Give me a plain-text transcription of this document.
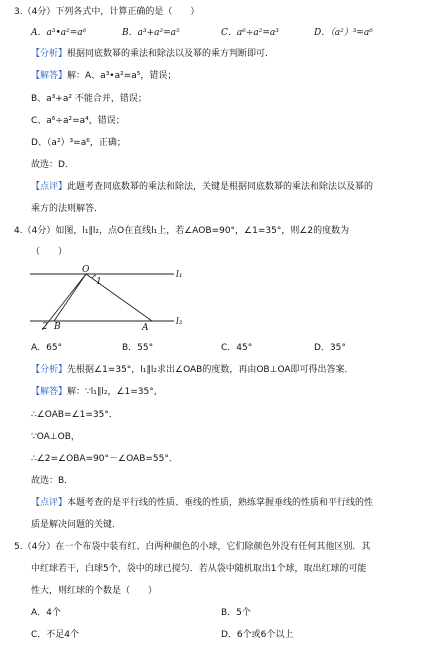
3.（4分）下列各式中，计算正确的是（　　）
A．a³•a²=a⁶	B．a³+a²=a⁵	C．a⁶÷a²=a³	D．（a²）³=a⁶
【分析】根据同底数幂的乘法和除法以及幂的乘方判断即可．
【解答】解：A、a³•a²=a⁵，错误；
B、a³+a² 不能合并，错误；
C、a⁶÷a²=a⁴，错误；
D、（a²）³=a⁶，正确；
故选：D．
【点评】此题考查同底数幂的乘法和除法，关键是根据同底数幂的乘法和除法以及幂的
乘方的法则解答．
4.（4分）如图，l₁∥l₂，点O在直线l₁上，若∠AOB=90°，∠1=35°，则∠2的度数为
（　　）
O
1
2 B	A
l₁
l₂
A．65°	B．55°	C．45°	D．35°
【分析】先根据∠1=35°，l₁∥l₂求出∠OAB的度数，再由OB⊥OA即可得出答案．
【解答】解：∵l₁∥l₂，∠1=35°，
∴∠OAB=∠1=35°．
∵OA⊥OB，
∴∠2=∠OBA=90°－∠OAB=55°．
故选：B．
【点评】本题考查的是平行线的性质、垂线的性质，熟练掌握垂线的性质和平行线的性
质是解决问题的关键．
5.（4分）在一个布袋中装有红、白两种颜色的小球，它们除颜色外没有任何其他区别．其
中红球若干，白球5个，袋中的球已搅匀．若从袋中随机取出1个球，取出红球的可能
性大，则红球的个数是（　　）
A．4个	B．5个
C．不足4个	D．6个或6个以上
